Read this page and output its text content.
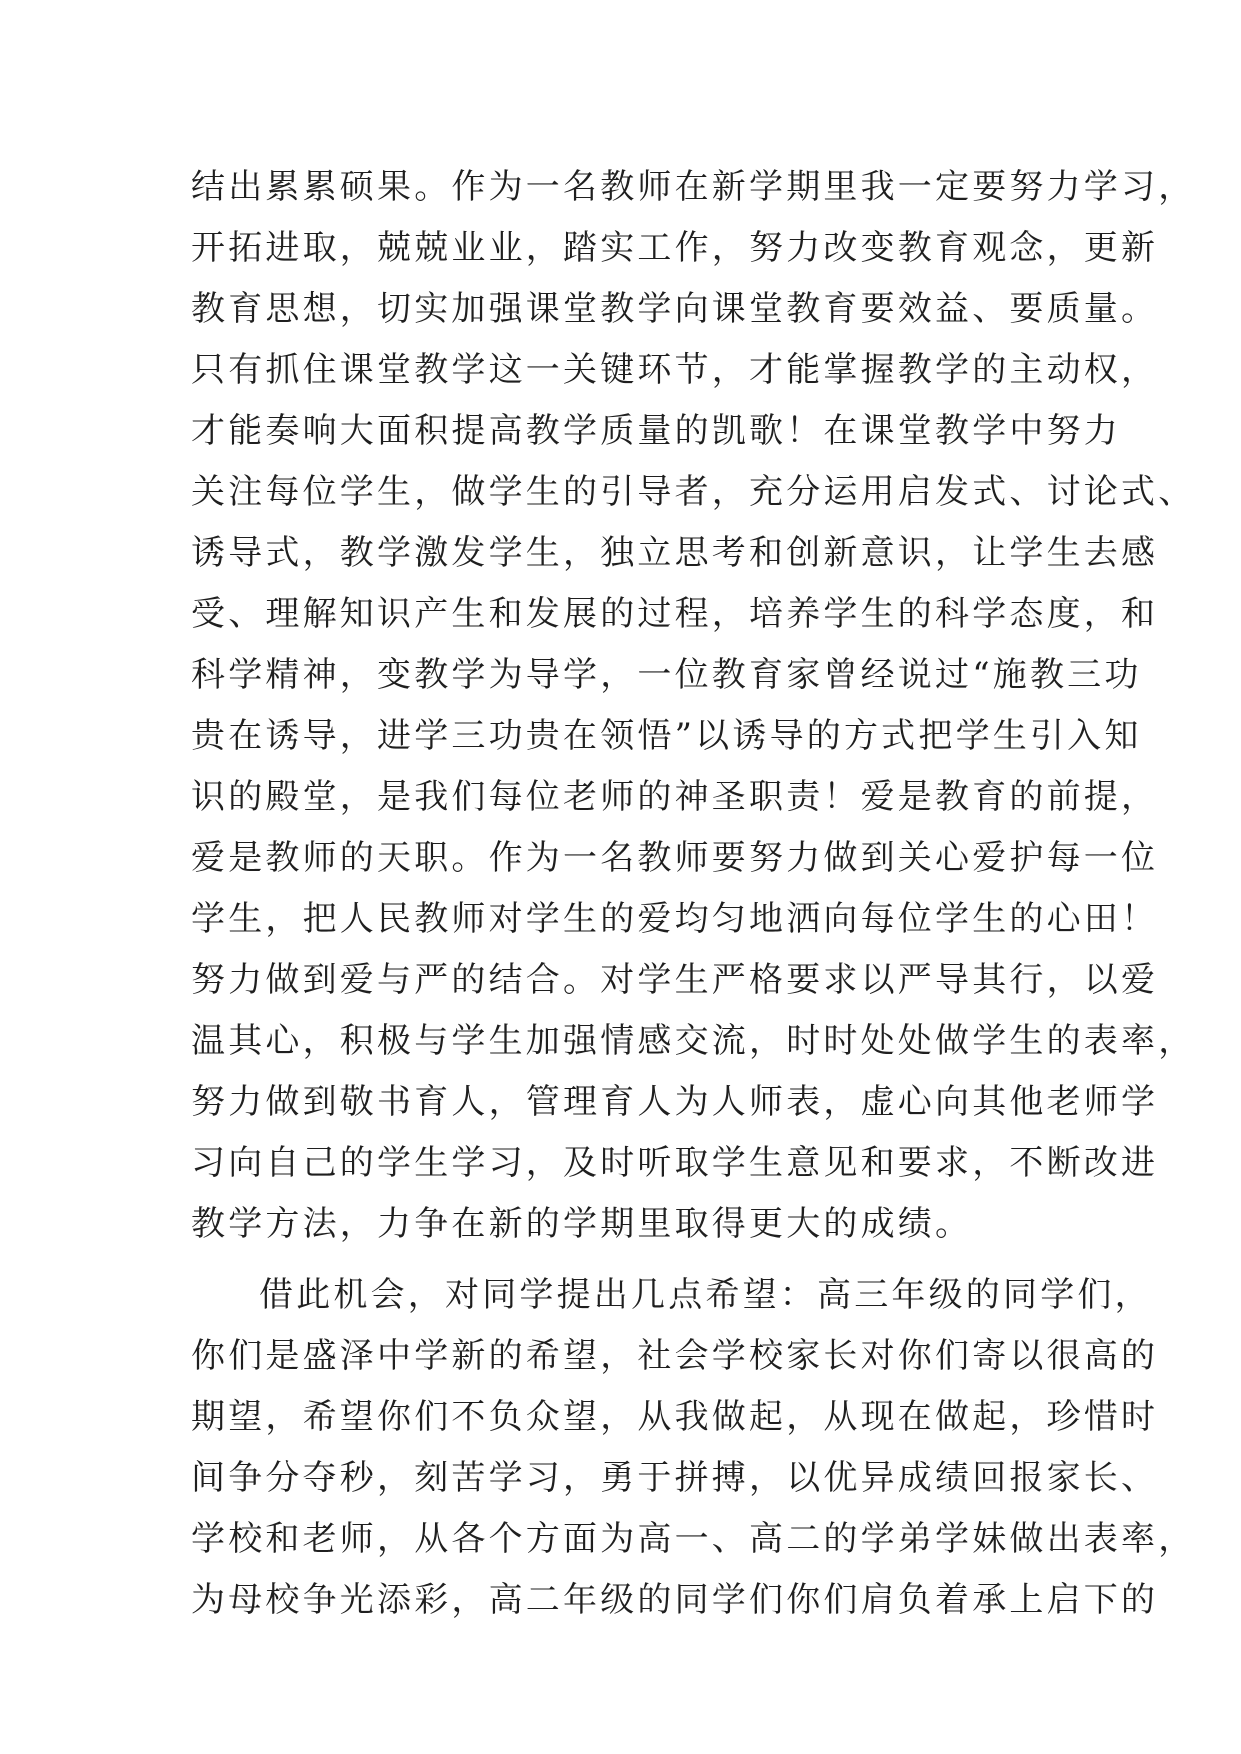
结出累累硕果。作为一名教师在新学期里我一定要努力学习，
开拓进取，兢兢业业，踏实工作，努力改变教育观念，更新
教育思想，切实加强课堂教学向课堂教育要效益、要质量。
只有抓住课堂教学这一关键环节，才能掌握教学的主动权，
才能奏响大面积提高教学质量的凯歌！在课堂教学中努力
关注每位学生，做学生的引导者，充分运用启发式、讨论式、
诱导式，教学激发学生，独立思考和创新意识，让学生去感
受、理解知识产生和发展的过程，培养学生的科学态度，和
科学精神，变教学为导学，一位教育家曾经说过“施教三功
贵在诱导，进学三功贵在领悟”以诱导的方式把学生引入知
识的殿堂，是我们每位老师的神圣职责！爱是教育的前提，
爱是教师的天职。作为一名教师要努力做到关心爱护每一位
学生，把人民教师对学生的爱均匀地洒向每位学生的心田！
努力做到爱与严的结合。对学生严格要求以严导其行，以爱
温其心，积极与学生加强情感交流，时时处处做学生的表率，
努力做到敬书育人，管理育人为人师表，虚心向其他老师学
习向自己的学生学习，及时听取学生意见和要求，不断改进
教学方法，力争在新的学期里取得更大的成绩。
借此机会，对同学提出几点希望：高三年级的同学们，
你们是盛泽中学新的希望，社会学校家长对你们寄以很高的
期望，希望你们不负众望，从我做起，从现在做起，珍惜时
间争分夺秒，刻苦学习，勇于拼搏，以优异成绩回报家长、
学校和老师，从各个方面为高一、高二的学弟学妹做出表率，
为母校争光添彩，高二年级的同学们你们肩负着承上启下的
